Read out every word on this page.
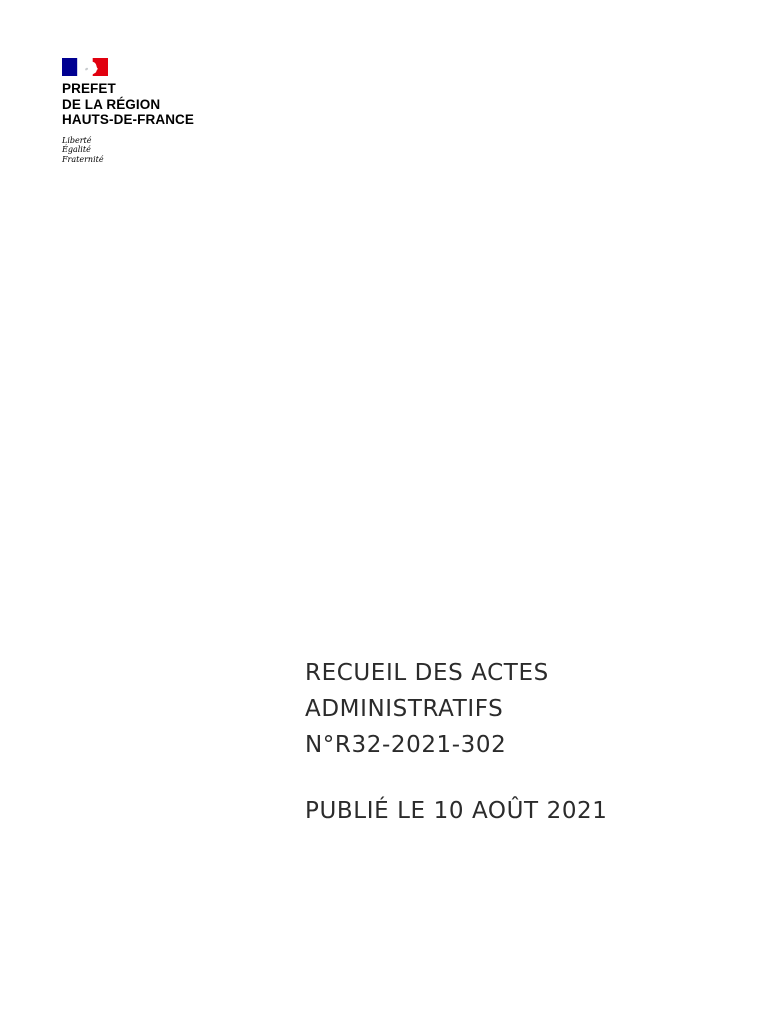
PREFET
DE LA RÉGION
HAUTS-DE-FRANCE
Liberté
Égalité
Fraternité
RECUEIL DES ACTES
ADMINISTRATIFS
N°R32-2021-302
PUBLIÉ LE 10 AOÛT 2021
